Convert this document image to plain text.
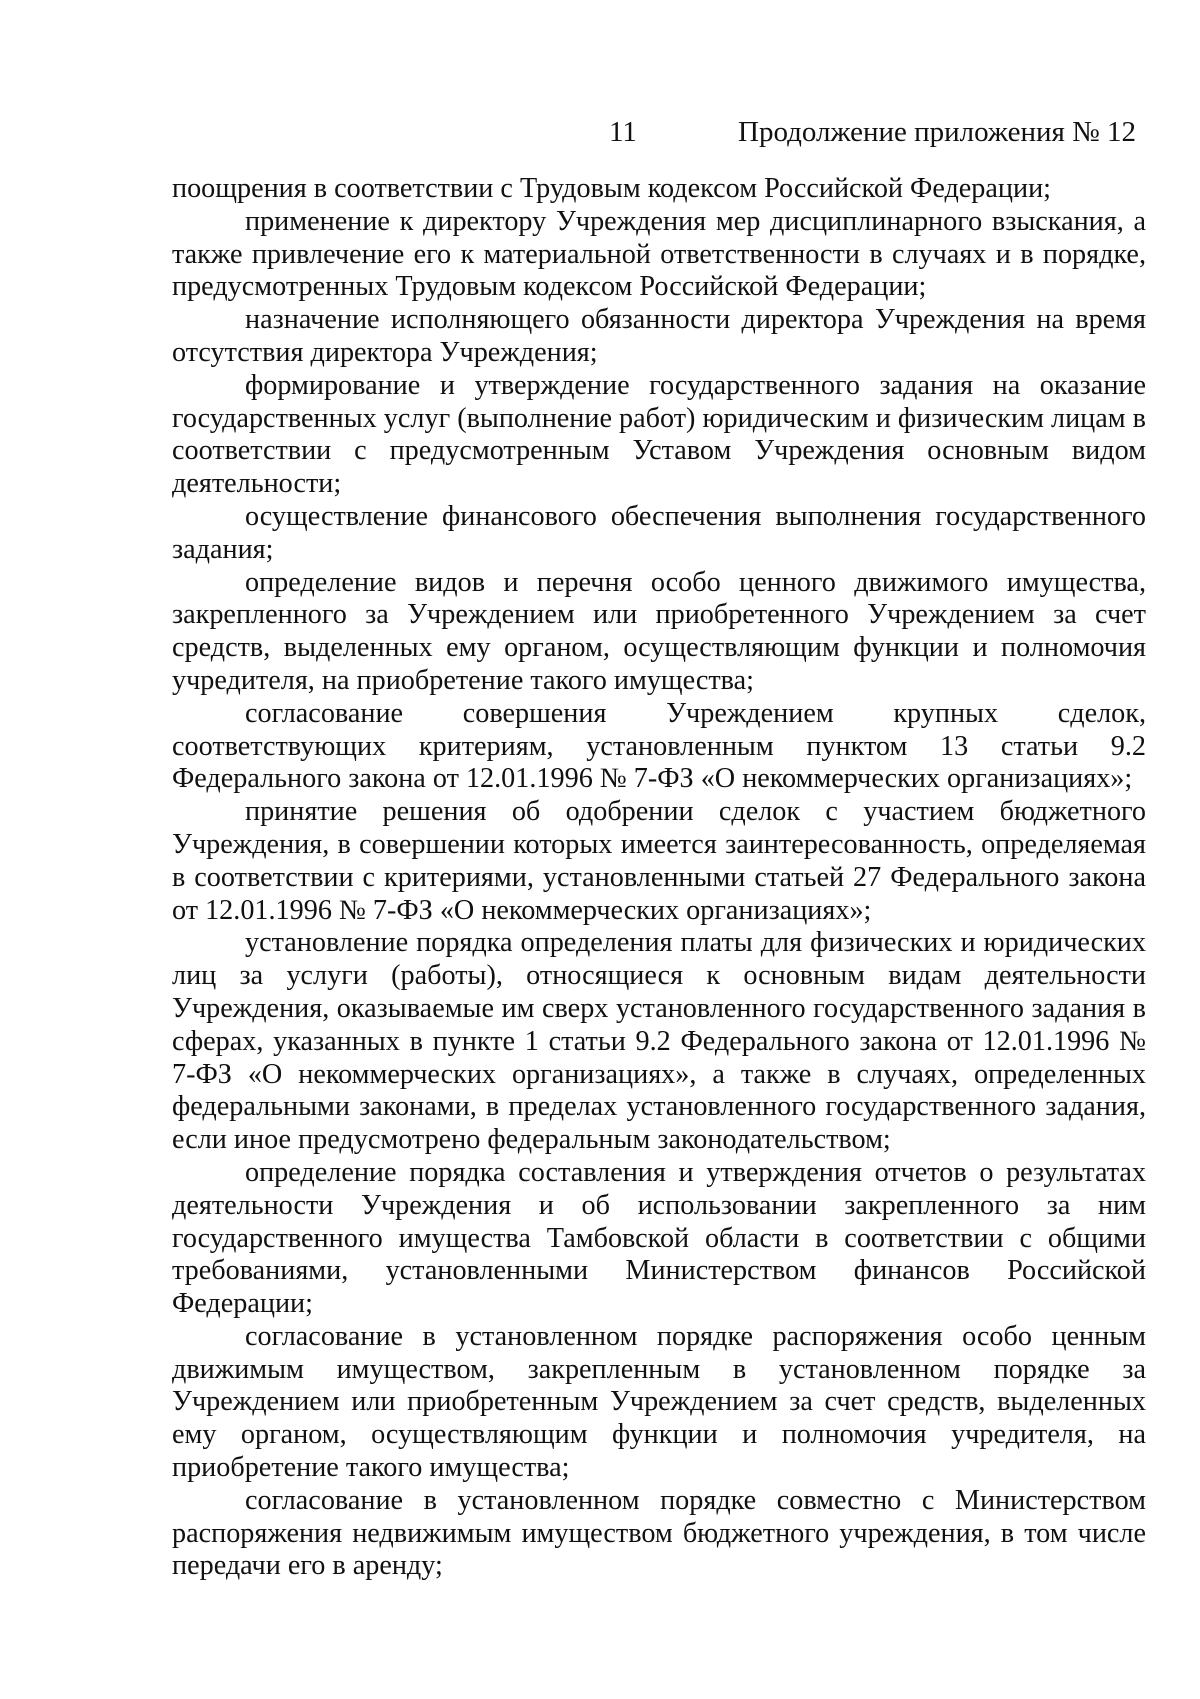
11	Продолжение приложения № 12

поощрения в соответствии с Трудовым кодексом Российской Федерации;

применение к директору Учреждения мер дисциплинарного взыскания, а также привлечение его к материальной ответственности в случаях и в порядке, предусмотренных Трудовым кодексом Российской Федерации;

назначение исполняющего обязанности директора Учреждения на время отсутствия директора Учреждения;

формирование и утверждение государственного задания на оказание государственных услуг (выполнение работ) юридическим и физическим лицам в соответствии с предусмотренным Уставом Учреждения основным видом деятельности;

осуществление финансового обеспечения выполнения государственного задания;

определение видов и перечня особо ценного движимого имущества, закрепленного за Учреждением или приобретенного Учреждением за счет средств, выделенных ему органом, осуществляющим функции и полномочия учредителя, на приобретение такого имущества;

согласование совершения Учреждением крупных сделок, соответствующих критериям, установленным пунктом 13 статьи 9.2 Федерального закона от 12.01.1996 № 7-ФЗ «О некоммерческих организациях»;

принятие решения об одобрении сделок с участием бюджетного Учреждения, в совершении которых имеется заинтересованность, определяемая в соответствии с критериями, установленными статьей 27 Федерального закона от 12.01.1996 № 7-ФЗ «О некоммерческих организациях»;

установление порядка определения платы для физических и юридических лиц за услуги (работы), относящиеся к основным видам деятельности Учреждения, оказываемые им сверх установленного государственного задания в сферах, указанных в пункте 1 статьи 9.2 Федерального закона от 12.01.1996 № 7-ФЗ «О некоммерческих организациях», а также в случаях, определенных федеральными законами, в пределах установленного государственного задания, если иное предусмотрено федеральным законодательством;

определение порядка составления и утверждения отчетов о результатах деятельности Учреждения и об использовании закрепленного за ним государственного имущества Тамбовской области в соответствии с общими требованиями, установленными Министерством финансов Российской Федерации;

согласование в установленном порядке распоряжения особо ценным движимым имуществом, закрепленным в установленном порядке за Учреждением или приобретенным Учреждением за счет средств, выделенных ему органом, осуществляющим функции и полномочия учредителя, на приобретение такого имущества;

согласование в установленном порядке совместно с Министерством распоряжения недвижимым имуществом бюджетного учреждения, в том числе передачи его в аренду;
